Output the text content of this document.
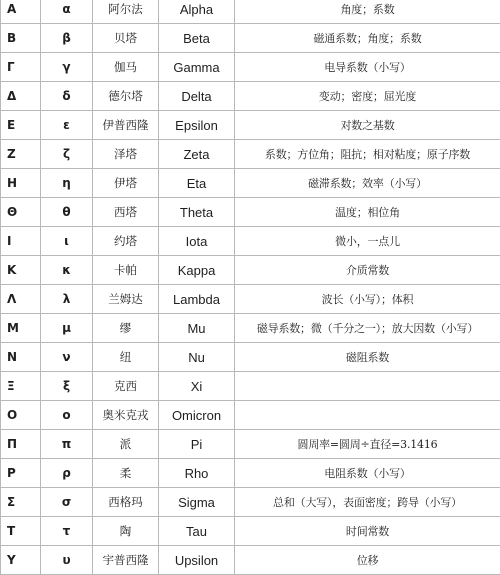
Α	α	阿尔法	Alpha	角度；系数
Β	β	贝塔	Beta	磁通系数；角度；系数
Γ	γ	伽马	Gamma	电导系数（小写）
Δ	δ	德尔塔	Delta	变动；密度；屈光度
Ε	ε	伊普西隆	Epsilon	对数之基数
Ζ	ζ	泽塔	Zeta	系数；方位角；阻抗；相对粘度；原子序数
Η	η	伊塔	Eta	磁滞系数；效率（小写）
Θ	θ	西塔	Theta	温度；相位角
Ι	ι	约塔	Iota	微小，一点儿
Κ	κ	卡帕	Kappa	介质常数
Λ	λ	兰姆达	Lambda	波长（小写）；体积
Μ	μ	缪	Mu	磁导系数；微（千分之一）；放大因数（小写）
Ν	ν	纽	Nu	磁阻系数
Ξ	ξ	克西	Xi	
Ο	ο	奥米克戎	Omicron	
Π	π	派	Pi	圆周率=圆周÷直径=3.1416
Ρ	ρ	柔	Rho	电阻系数（小写）
Σ	σ	西格玛	Sigma	总和（大写），表面密度；跨导（小写）
Τ	τ	陶	Tau	时间常数
Υ	υ	宇普西隆	Upsilon	位移
